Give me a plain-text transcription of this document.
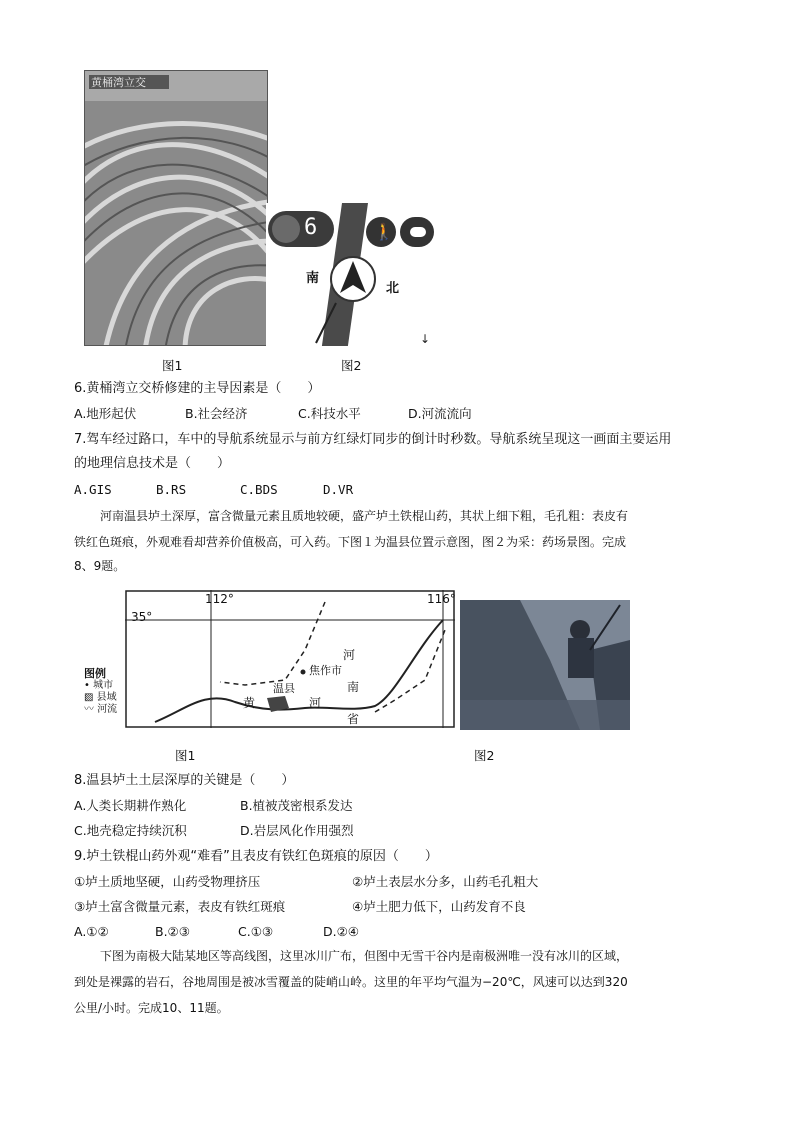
黄桶湾立交
↓
6	🚶
南
北
图1	图2
6.黄桶湾立交桥修建的主导因素是（　　）
A.地形起伏	B.社会经济	C.科技水平	D.河流流向
7.驾车经过路口，车中的导航系统显示与前方红绿灯同步的倒计时秒数。导航系统呈现这一画面主要运用
的地理信息技术是（　　）
A.GIS	B.RS	C.BDS	D.VR
河南温县垆土深厚，富含微量元素且质地较硬，盛产垆土铁棍山药，其状上细下粗，毛孔粗：表皮有
铁红色斑痕，外观难看却营养价值极高，可入药。下图１为温县位置示意图，图２为采：药场景图。完成
8、9题。
112°	116°
35°
河
南
省
焦作市
温县
黄	河
图例
• 城市
▨ 县域
〰 河流
图1	图2
8.温县垆土土层深厚的关键是（　　）
A.人类长期耕作熟化	B.植被茂密根系发达
C.地壳稳定持续沉积	D.岩层风化作用强烈
9.垆土铁棍山药外观“难看”且表皮有铁红色斑痕的原因（　　）
①垆土质地坚硬，山药受物理挤压	②垆土表层水分多，山药毛孔粗大
③垆土富含微量元素，表皮有铁红斑痕	④垆土肥力低下，山药发育不良
A.①②	B.②③	C.①③	D.②④
下图为南极大陆某地区等高线图，这里冰川广布，但图中无雪干谷内是南极洲唯一没有冰川的区域，
到处是裸露的岩石，谷地周围是被冰雪覆盖的陡峭山岭。这里的年平均气温为−20℃，风速可以达到320
公里/小时。完成10、11题。
